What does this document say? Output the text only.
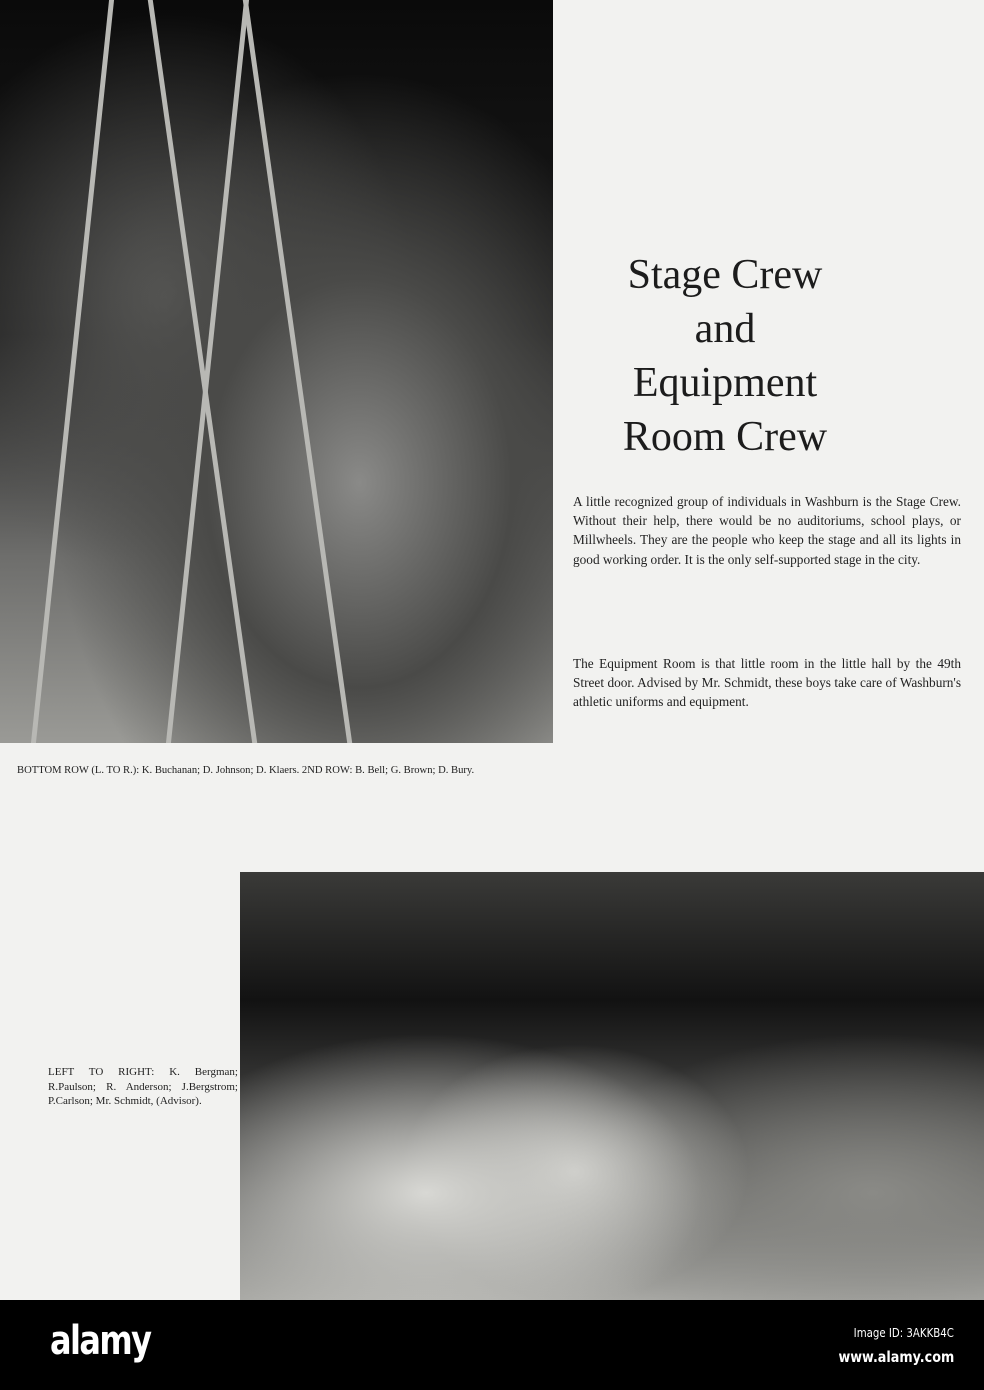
Stage Crew
and
Equipment
Room Crew

A little recognized group of individuals in Washburn is the Stage Crew. Without their help, there would be no auditoriums, school plays, or Millwheels. They are the people who keep the stage and all its lights in good working order. It is the only self-supported stage in the city.

The Equipment Room is that little room in the little hall by the 49th Street door. Advised by Mr. Schmidt, these boys take care of Washburn's athletic uniforms and equipment.

BOTTOM ROW (L. TO R.): K. Buchanan; D. Johnson; D. Klaers. 2ND ROW: B. Bell; G. Brown; D. Bury.

LEFT TO RIGHT: K. Bergman; R.Paulson; R. Anderson; J.Bergstrom; P.Carlson; Mr. Schmidt, (Advisor).

alamy	Image ID: 3AKKB4C
www.alamy.com
